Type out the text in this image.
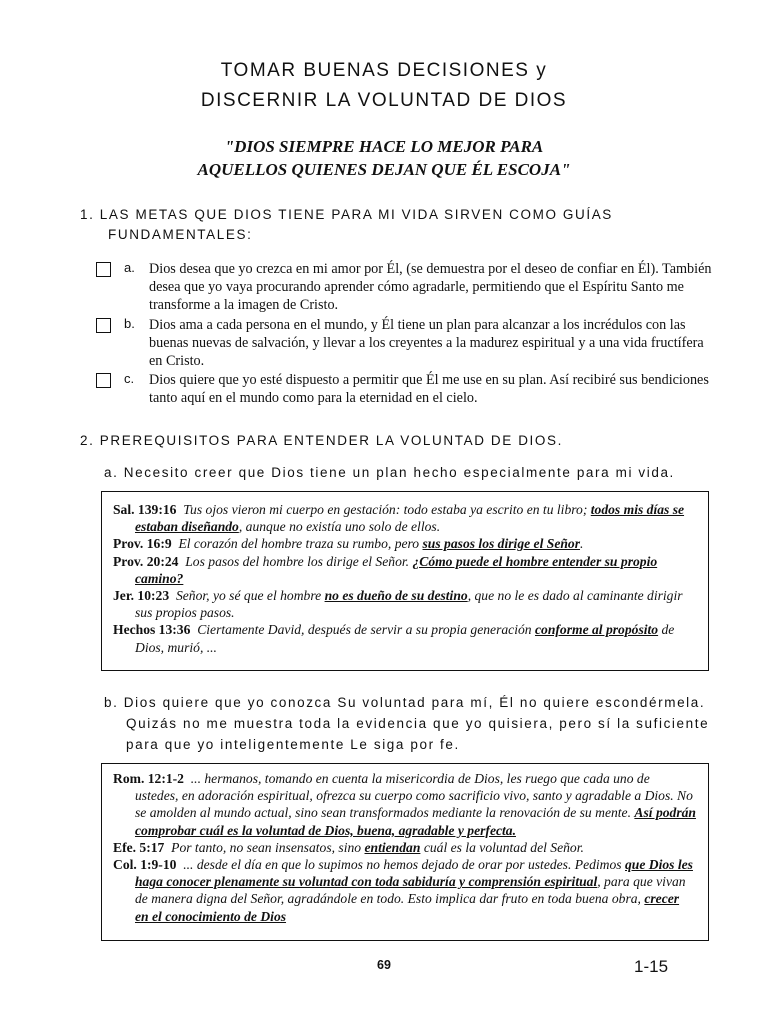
TOMAR BUENAS DECISIONES y
DISCERNIR LA VOLUNTAD DE DIOS
"DIOS SIEMPRE HACE LO MEJOR PARA
AQUELLOS QUIENES DEJAN QUE ÉL ESCOJA"
1. LAS METAS QUE DIOS TIENE PARA MI VIDA SIRVEN COMO GUÍAS
FUNDAMENTALES:
a. Dios desea que yo crezca en mi amor por Él, (se demuestra por el deseo de confiar en Él). También desea que yo vaya procurando aprender cómo agradarle, permitiendo que el Espíritu Santo me transforme a la imagen de Cristo.
b. Dios ama a cada persona en el mundo, y Él tiene un plan para alcanzar a los incrédulos con las buenas nuevas de salvación, y llevar a los creyentes a la madurez espiritual y a una vida fructífera en Cristo.
c. Dios quiere que yo esté dispuesto a permitir que Él me use en su plan. Así recibiré sus bendiciones tanto aquí en el mundo como para la eternidad en el cielo.
2. PREREQUISITOS PARA ENTENDER LA VOLUNTAD DE DIOS.
a. Necesito creer que Dios tiene un plan hecho especialmente para mi vida.
Sal. 139:16 Tus ojos vieron mi cuerpo en gestación: todo estaba ya escrito en tu libro; todos mis días se estaban diseñando, aunque no existía uno solo de ellos.
Prov. 16:9 El corazón del hombre traza su rumbo, pero sus pasos los dirige el Señor.
Prov. 20:24 Los pasos del hombre los dirige el Señor. ¿Cómo puede el hombre entender su propio camino?
Jer. 10:23 Señor, yo sé que el hombre no es dueño de su destino, que no le es dado al caminante dirigir sus propios pasos.
Hechos 13:36 Ciertamente David, después de servir a su propia generación conforme al propósito de Dios, murió, ...
b. Dios quiere que yo conozca Su voluntad para mí, Él no quiere escondérmela.
Quizás no me muestra toda la evidencia que yo quisiera, pero sí la suficiente
para que yo inteligentemente Le siga por fe.
Rom. 12:1-2 ... hermanos, tomando en cuenta la misericordia de Dios, les ruego que cada uno de ustedes, en adoración espiritual, ofrezca su cuerpo como sacrificio vivo, santo y agradable a Dios. No se amolden al mundo actual, sino sean transformados mediante la renovación de su mente. Así podrán comprobar cuál es la voluntad de Dios, buena, agradable y perfecta.
Efe. 5:17 Por tanto, no sean insensatos, sino entiendan cuál es la voluntad del Señor.
Col. 1:9-10 ... desde el día en que lo supimos no hemos dejado de orar por ustedes. Pedimos que Dios les haga conocer plenamente su voluntad con toda sabiduría y comprensión espiritual, para que vivan de manera digna del Señor, agradándole en todo. Esto implica dar fruto en toda buena obra, crecer en el conocimiento de Dios
69	1-15
